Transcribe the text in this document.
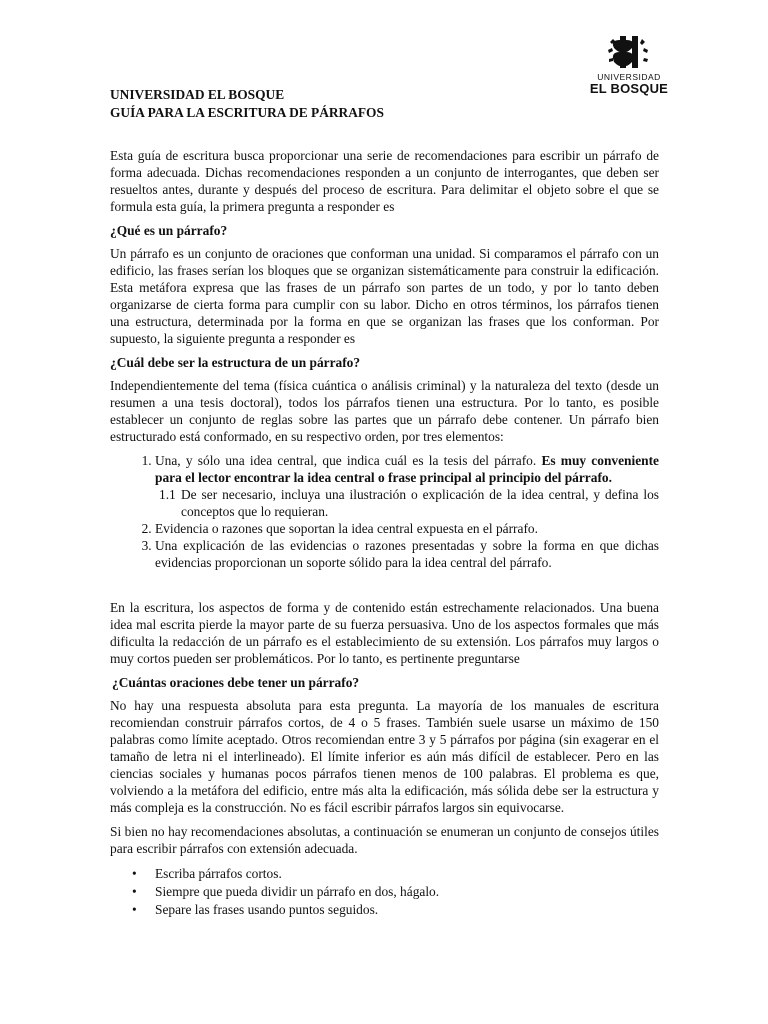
UNIVERSIDAD
EL BOSQUE
UNIVERSIDAD EL BOSQUE
GUÍA PARA LA ESCRITURA DE PÁRRAFOS

Esta guía de escritura busca proporcionar una serie de recomendaciones para escribir un párrafo de forma adecuada. Dichas recomendaciones responden a un conjunto de interrogantes, que deben ser resueltos antes, durante y después del proceso de escritura. Para delimitar el objeto sobre el que se formula esta guía, la primera pregunta a responder es

¿Qué es un párrafo?

Un párrafo es un conjunto de oraciones que conforman una unidad. Si comparamos el párrafo con un edificio, las frases serían los bloques que se organizan sistemáticamente para construir la edificación. Esta metáfora expresa que las frases de un párrafo son partes de un todo, y por lo tanto deben organizarse de cierta forma para cumplir con su labor. Dicho en otros términos, los párrafos tienen una estructura, determinada por la forma en que se organizan las frases que los conforman. Por supuesto, la siguiente pregunta a responder es

¿Cuál debe ser la estructura de un párrafo?

Independientemente del tema (física cuántica o análisis criminal) y la naturaleza del texto (desde un resumen a una tesis doctoral), todos los párrafos tienen una estructura. Por lo tanto, es posible establecer un conjunto de reglas sobre las partes que un párrafo debe contener. Un párrafo bien estructurado está conformado, en su respectivo orden, por tres elementos:

1. Una, y sólo una idea central, que indica cuál es la tesis del párrafo. Es muy conveniente para el lector encontrar la idea central o frase principal al principio del párrafo.
1.1 De ser necesario, incluya una ilustración o explicación de la idea central, y defina los conceptos que lo requieran.
2. Evidencia o razones que soportan la idea central expuesta en el párrafo.
3. Una explicación de las evidencias o razones presentadas y sobre la forma en que dichas evidencias proporcionan un soporte sólido para la idea central del párrafo.

En la escritura, los aspectos de forma y de contenido están estrechamente relacionados. Una buena idea mal escrita pierde la mayor parte de su fuerza persuasiva. Uno de los aspectos formales que más dificulta la redacción de un párrafo es el establecimiento de su extensión. Los párrafos muy largos o muy cortos pueden ser problemáticos. Por lo tanto, es pertinente preguntarse

¿Cuántas oraciones debe tener un párrafo?

No hay una respuesta absoluta para esta pregunta. La mayoría de los manuales de escritura recomiendan construir párrafos cortos, de 4 o 5 frases. También suele usarse un máximo de 150 palabras como límite aceptado. Otros recomiendan entre 3 y 5 párrafos por página (sin exagerar en el tamaño de letra ni el interlineado). El límite inferior es aún más difícil de establecer. Pero en las ciencias sociales y humanas pocos párrafos tienen menos de 100 palabras. El problema es que, volviendo a la metáfora del edificio, entre más alta la edificación, más sólida debe ser la estructura y más compleja es la construcción. No es fácil escribir párrafos largos sin equivocarse.

Si bien no hay recomendaciones absolutas, a continuación se enumeran un conjunto de consejos útiles para escribir párrafos con extensión adecuada.

• Escriba párrafos cortos.
• Siempre que pueda dividir un párrafo en dos, hágalo.
• Separe las frases usando puntos seguidos.
